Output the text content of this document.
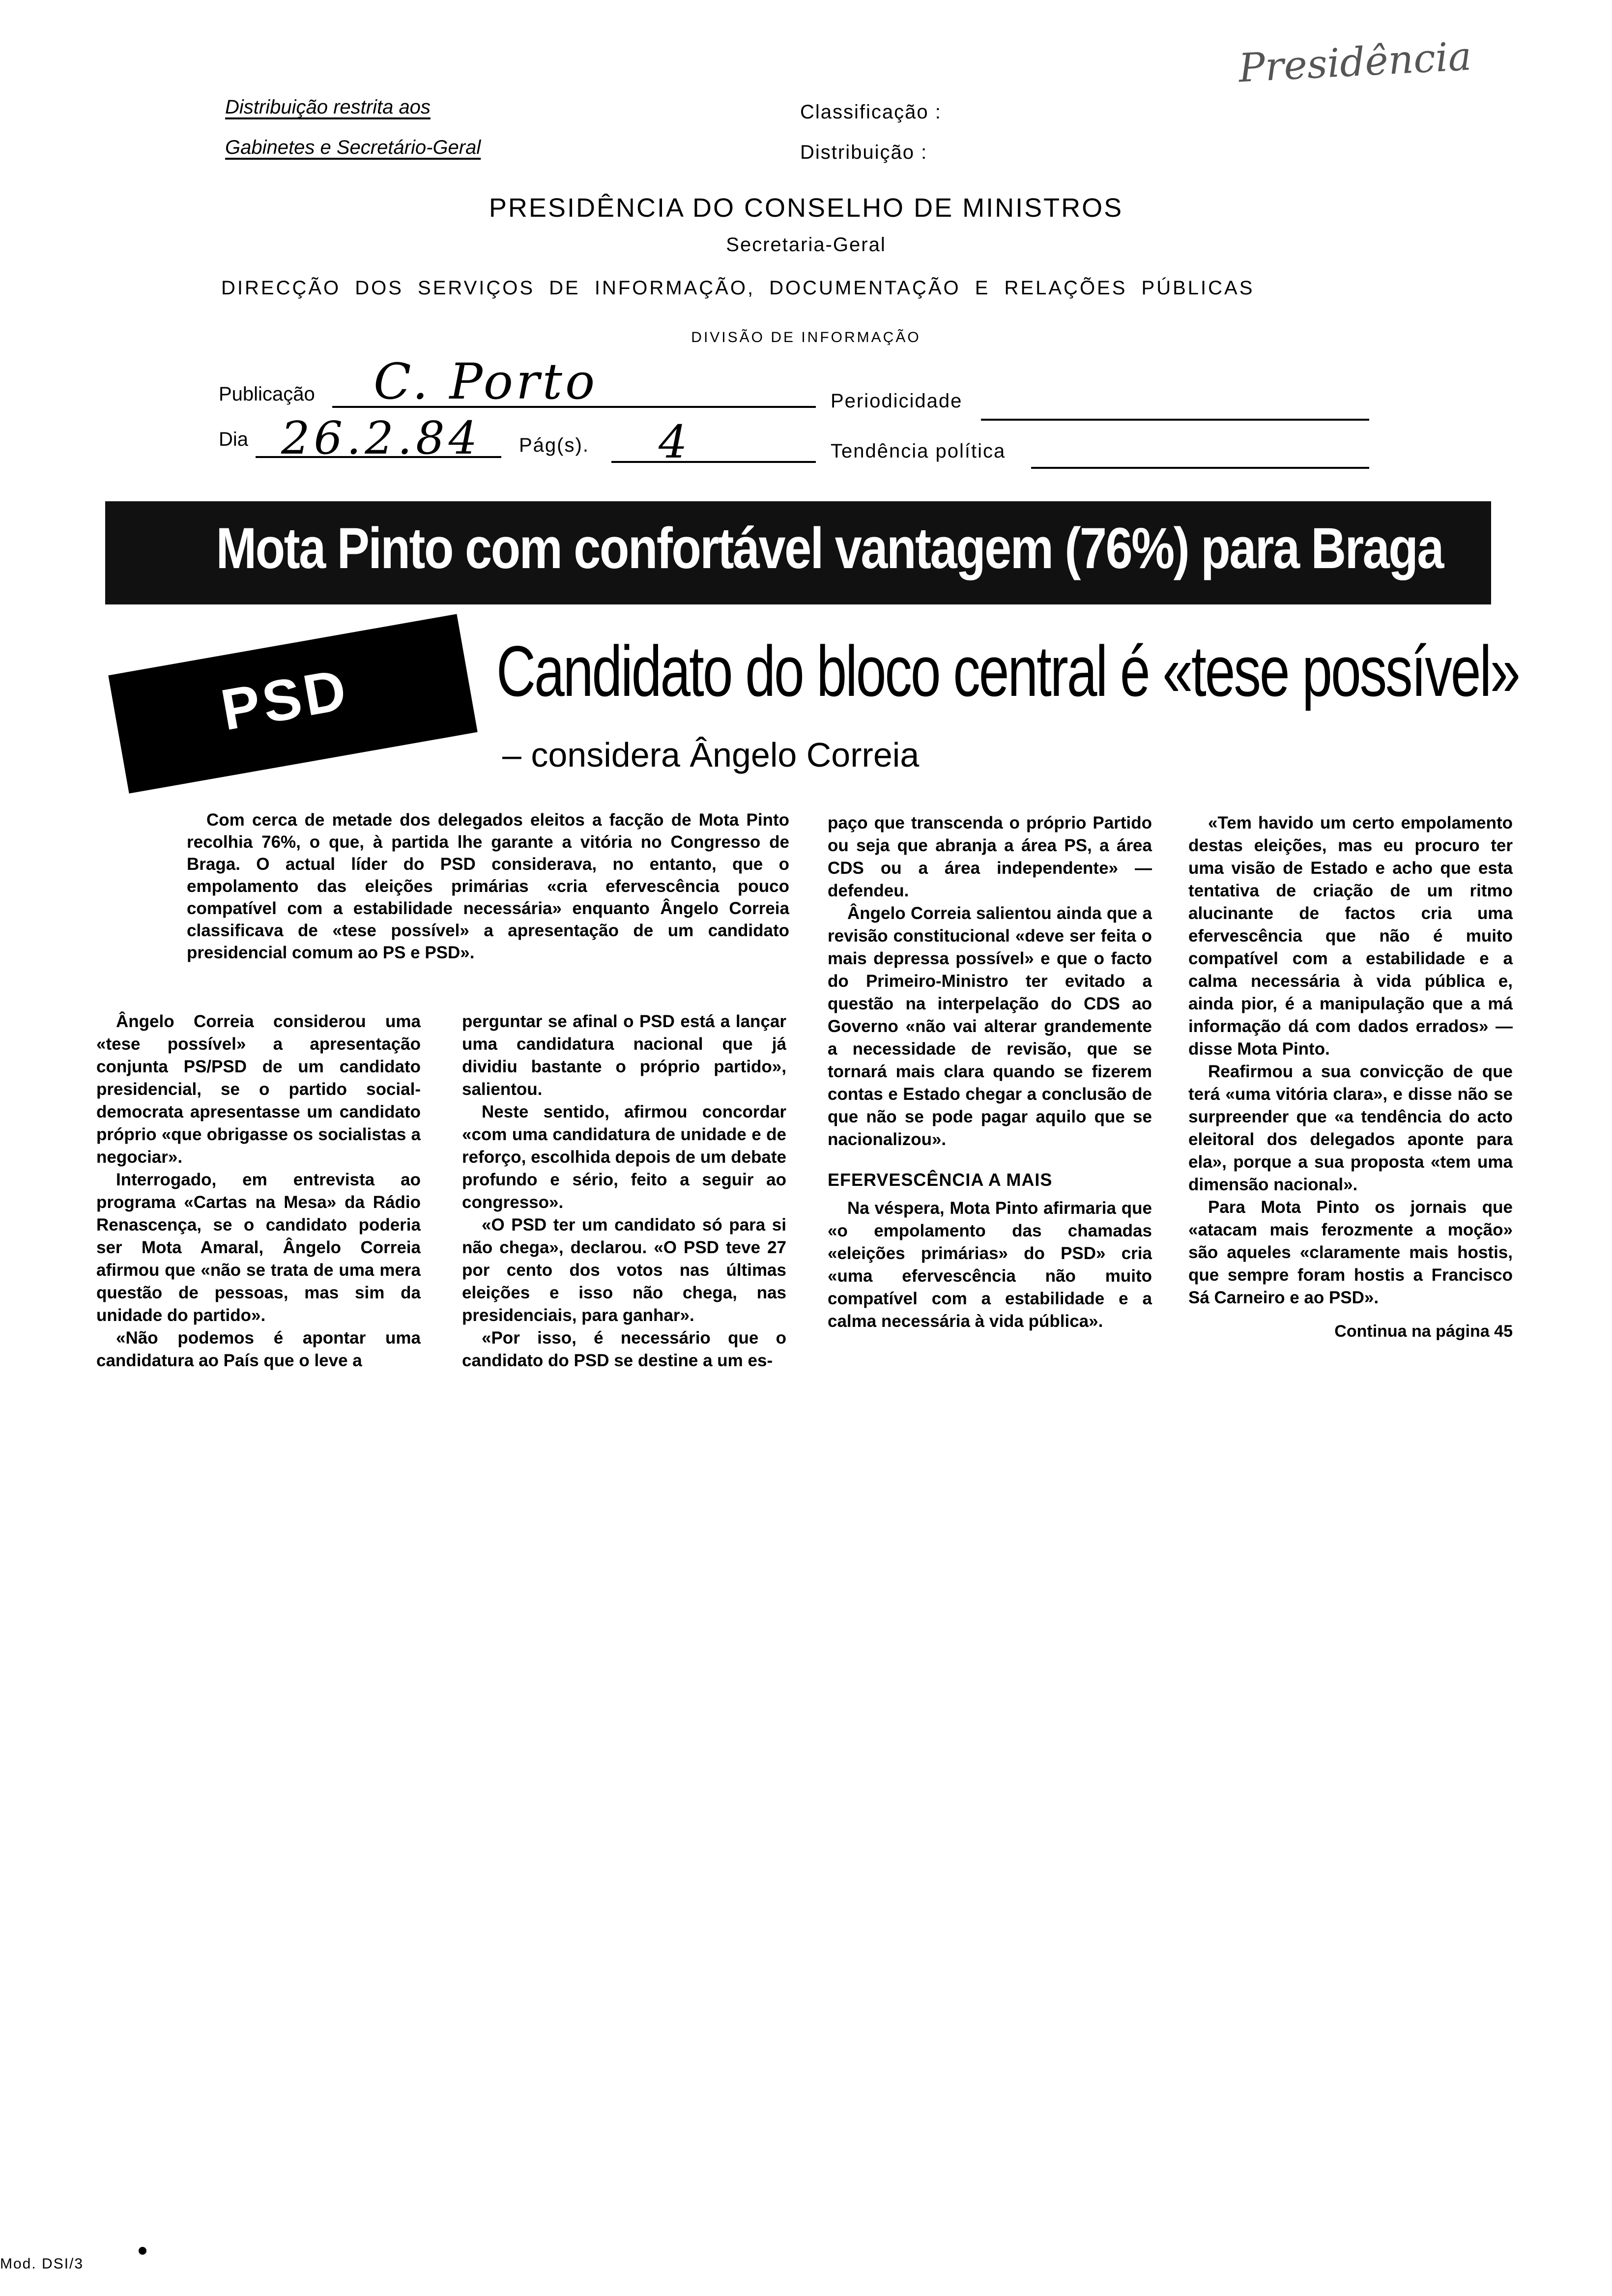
Presidência
Distribuição restrita aos
Gabinetes e Secretário-Geral
Classificação :
Distribuição :
PRESIDÊNCIA DO CONSELHO DE MINISTROS
Secretaria-Geral
DIRECÇÃO DOS SERVIÇOS DE INFORMAÇÃO, DOCUMENTAÇÃO E RELAÇÕES PÚBLICAS
DIVISÃO DE INFORMAÇÃO
Publicação C. Porto	Periodicidade
Dia 26.2.84 Pág(s). 4	Tendência política
Mota Pinto com confortável vantagem (76%) para Braga
PSD Candidato do bloco central é «tese possível»
– considera Ângelo Correia

Com cerca de metade dos delegados eleitos a facção de Mota Pinto recolhia 76%, o que, à partida lhe garante a vitória no Congresso de Braga. O actual líder do PSD considerava, no entanto, que o empolamento das eleições primárias «cria efervescência pouco compatível com a estabilidade necessária» enquanto Ângelo Correia classificava de «tese possível» a apresentação de um candidato presidencial comum ao PS e PSD».

Ângelo Correia considerou uma «tese possível» a apresentação conjunta PS/PSD de um candidato presidencial, se o partido social-democrata apresentasse um candidato próprio «que obrigasse os socialistas a negociar».

Interrogado, em entrevista ao programa «Cartas na Mesa» da Rádio Renascença, se o candidato poderia ser Mota Amaral, Ângelo Correia afirmou que «não se trata de uma mera questão de pessoas, mas sim da unidade do partido».

«Não podemos é apontar uma candidatura ao País que o leve a

perguntar se afinal o PSD está a lançar uma candidatura nacional que já dividiu bastante o próprio partido», salientou.

Neste sentido, afirmou concordar «com uma candidatura de unidade e de reforço, escolhida depois de um debate profundo e sério, feito a seguir ao congresso».

«O PSD ter um candidato só para si não chega», declarou. «O PSD teve 27 por cento dos votos nas últimas eleições e isso não chega, nas presidenciais, para ganhar».

«Por isso, é necessário que o candidato do PSD se destine a um es-

paço que transcenda o próprio Partido ou seja que abranja a área PS, a área CDS ou a área independente» — defendeu.

Ângelo Correia salientou ainda que a revisão constitucional «deve ser feita o mais depressa possível» e que o facto do Primeiro-Ministro ter evitado a questão na interpelação do CDS ao Governo «não vai alterar grandemente a necessidade de revisão, que se tornará mais clara quando se fizerem contas e Estado chegar a conclusão de que não se pode pagar aquilo que se nacionalizou».

EFERVESCÊNCIA A MAIS

Na véspera, Mota Pinto afirmaria que «o empolamento das chamadas «eleições primárias» do PSD» cria «uma efervescência não muito compatível com a estabilidade e a calma necessária à vida pública».

«Tem havido um certo empolamento destas eleições, mas eu procuro ter uma visão de Estado e acho que esta tentativa de criação de um ritmo alucinante de factos cria uma efervescência que não é muito compatível com a estabilidade e a calma necessária à vida pública e, ainda pior, é a manipulação que a má informação dá com dados errados» — disse Mota Pinto.

Reafirmou a sua convicção de que terá «uma vitória clara», e disse não se surpreender que «a tendência do acto eleitoral dos delegados aponte para ela», porque a sua proposta «tem uma dimensão nacional».

Para Mota Pinto os jornais que «atacam mais ferozmente a moção» são aqueles «claramente mais hostis, que sempre foram hostis a Francisco Sá Carneiro e ao PSD».

Continua na página 45
Mod. DSI/3
